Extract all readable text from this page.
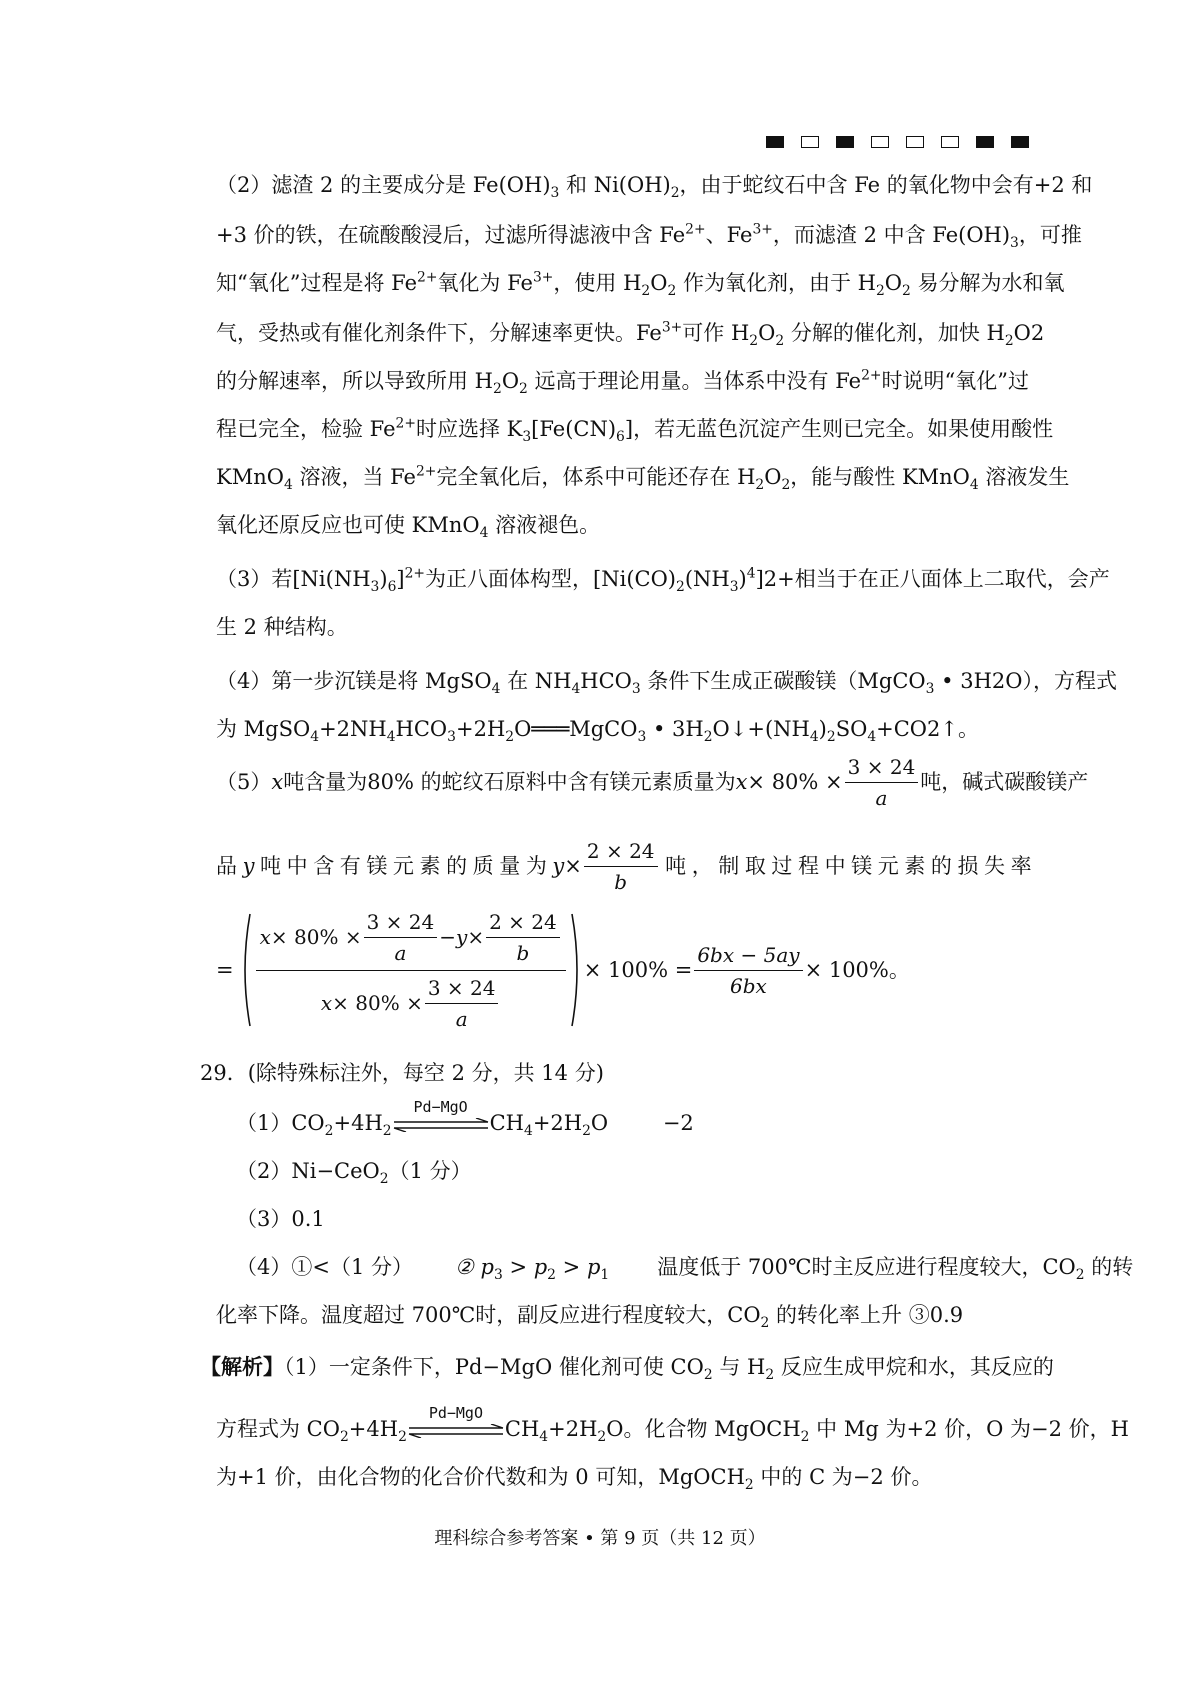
（2）滤渣 2 的主要成分是 $Fe(OH)_3$ 和 $Ni(OH)_2$，由于蛇纹石中含 Fe 的氧化物中会有+2 和
+3 价的铁，在硫酸酸浸后，过滤所得滤液中含 $Fe^{2+}$、$Fe^{3+}$，而滤渣 2 中含 $Fe(OH)_3$，可推
知“氧化”过程是将 $Fe^{2+}$氧化为 $Fe^{3+}$，使用 $H_2O_2$ 作为氧化剂，由于 $H_2O_2$ 易分解为水和氧
气，受热或有催化剂条件下，分解速率更快。$Fe^{3+}$可作 $H_2O_2$ 分解的催化剂，加快 $H_2O2$
的分解速率，所以导致所用 $H_2O_2$ 远高于理论用量。当体系中没有 $Fe^{2+}$时说明“氧化”过
程已完全，检验 $Fe^{2+}$时应选择 $K_3[Fe(CN)_6]$，若无蓝色沉淀产生则已完全。如果使用酸性
KMnO$_4$ 溶液，当 $Fe^{2+}$完全氧化后，体系中可能还存在 $H_2O_2$，能与酸性 KMnO$_4$ 溶液发生
氧化还原反应也可使 KMnO$_4$ 溶液褪色。
（3）若$[Ni(NH_3)_6]^{2+}$为正八面体构型，$[Ni(CO)_2(NH_3)^4]2+$相当于在正八面体上二取代，会产
生 2 种结构。
（4）第一步沉镁是将 MgSO$_4$ 在 $NH_4HCO_3$ 条件下生成正碳酸镁（MgCO$_3$ • 3H2O），方程式
为 $MgSO_4+2NH_4HCO_3+2H_2O═══MgCO_3$ • $3H_2O↓+(NH_4)_2SO_4+CO2↑$。
（5） x 吨含量为80% 的蛇纹石原料中含有镁元素质量为 $x \times 80\% \times \frac{3 \times 24}{a}$ 吨，碱式碳酸镁产
品 y 吨 中 含 有 镁 元 素 的 质 量 为 $y \times \frac{2 \times 24}{b}$ 吨 ， 制 取 过 程 中 镁 元 素 的 损 失 率
= $\frac{x \times 80\% \times \frac{3 \times 24}{a} - y \times \frac{2 \times 24}{b}}{x \times 80\% \times \frac{3 \times 24}{a}} \times 100\% = \frac{6bx - 5ay}{6bx} \times 100\%$ 。
29．(除特殊标注外，每空 2 分，共 14 分)
$(1)CO_2+4H_2$
Pd−MgO
$CH_4+2H_2O$	−2
（2）Ni−CeO$_2$（1 分）
（3）0.1
（4）①<（1 分） ② $p_3 > p_2 > p_1$ 温度低于 700℃时主反应进行程度较大，$CO_2$ 的转
化率下降。温度超过 700℃时，副反应进行程度较大，$CO_2$ 的转化率上升 ③0.9
【解析】（1）一定条件下，Pd−MgO 催化剂可使 $CO_2$ 与 $H_2$ 反应生成甲烷和水，其反应的
方程式为 $CO_2+4H_2$
Pd−MgO
$CH_4+2H_2O$。化合物 MgOCH$_2$ 中 Mg 为+2 价，O 为−2 价，H
为+1 价，由化合物的化合价代数和为 0 可知，MgOCH$_2$ 中的 C 为−2 价。
理科综合参考答案 • 第 9 页（共 12 页）
